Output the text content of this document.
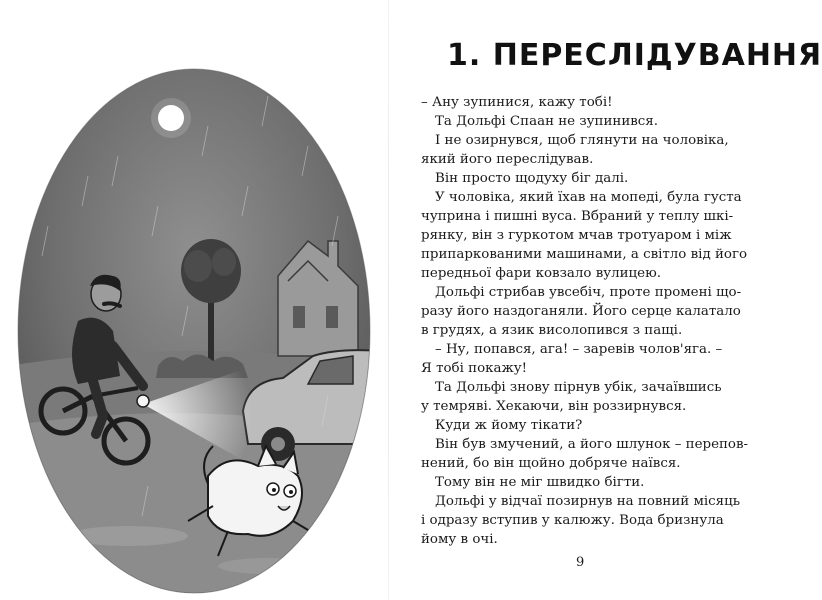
1. ПЕРЕСЛІДУВАННЯ
– Ану зупинися, кажу тобі!
Та Дольфі Спаан не зупинився.
І не озирнувся, щоб глянути на чоловіка,
який його переслідував.
Він просто щодуху біг далі.
У чоловіка, який їхав на мопеді, була густа
чуприна і пишні вуса. Вбраний у теплу шкі-
рянку, він з гуркотом мчав тротуаром і між
припаркованими машинами, а світло від його
передньої фари ковзало вулицею.
Дольфі стрибав увсебіч, проте промені що-
разу його наздоганяли. Його серце калатало
в грудях, а язик висолопився з пащі.
– Ну, попався, ага! – заревів чолов'яга. –
Я тобі покажу!
Та Дольфі знову пірнув убік, зачаївшись
у темряві. Хекаючи, він роззирнувся.
Куди ж йому тікати?
Він був змучений, а його шлунок – перепов-
нений, бо він щойно добряче наївся.
Тому він не міг швидко бігти.
Дольфі у відчаї позирнув на повний місяць
і одразу вступив у калюжу. Вода бризнула
йому в очі.
9
